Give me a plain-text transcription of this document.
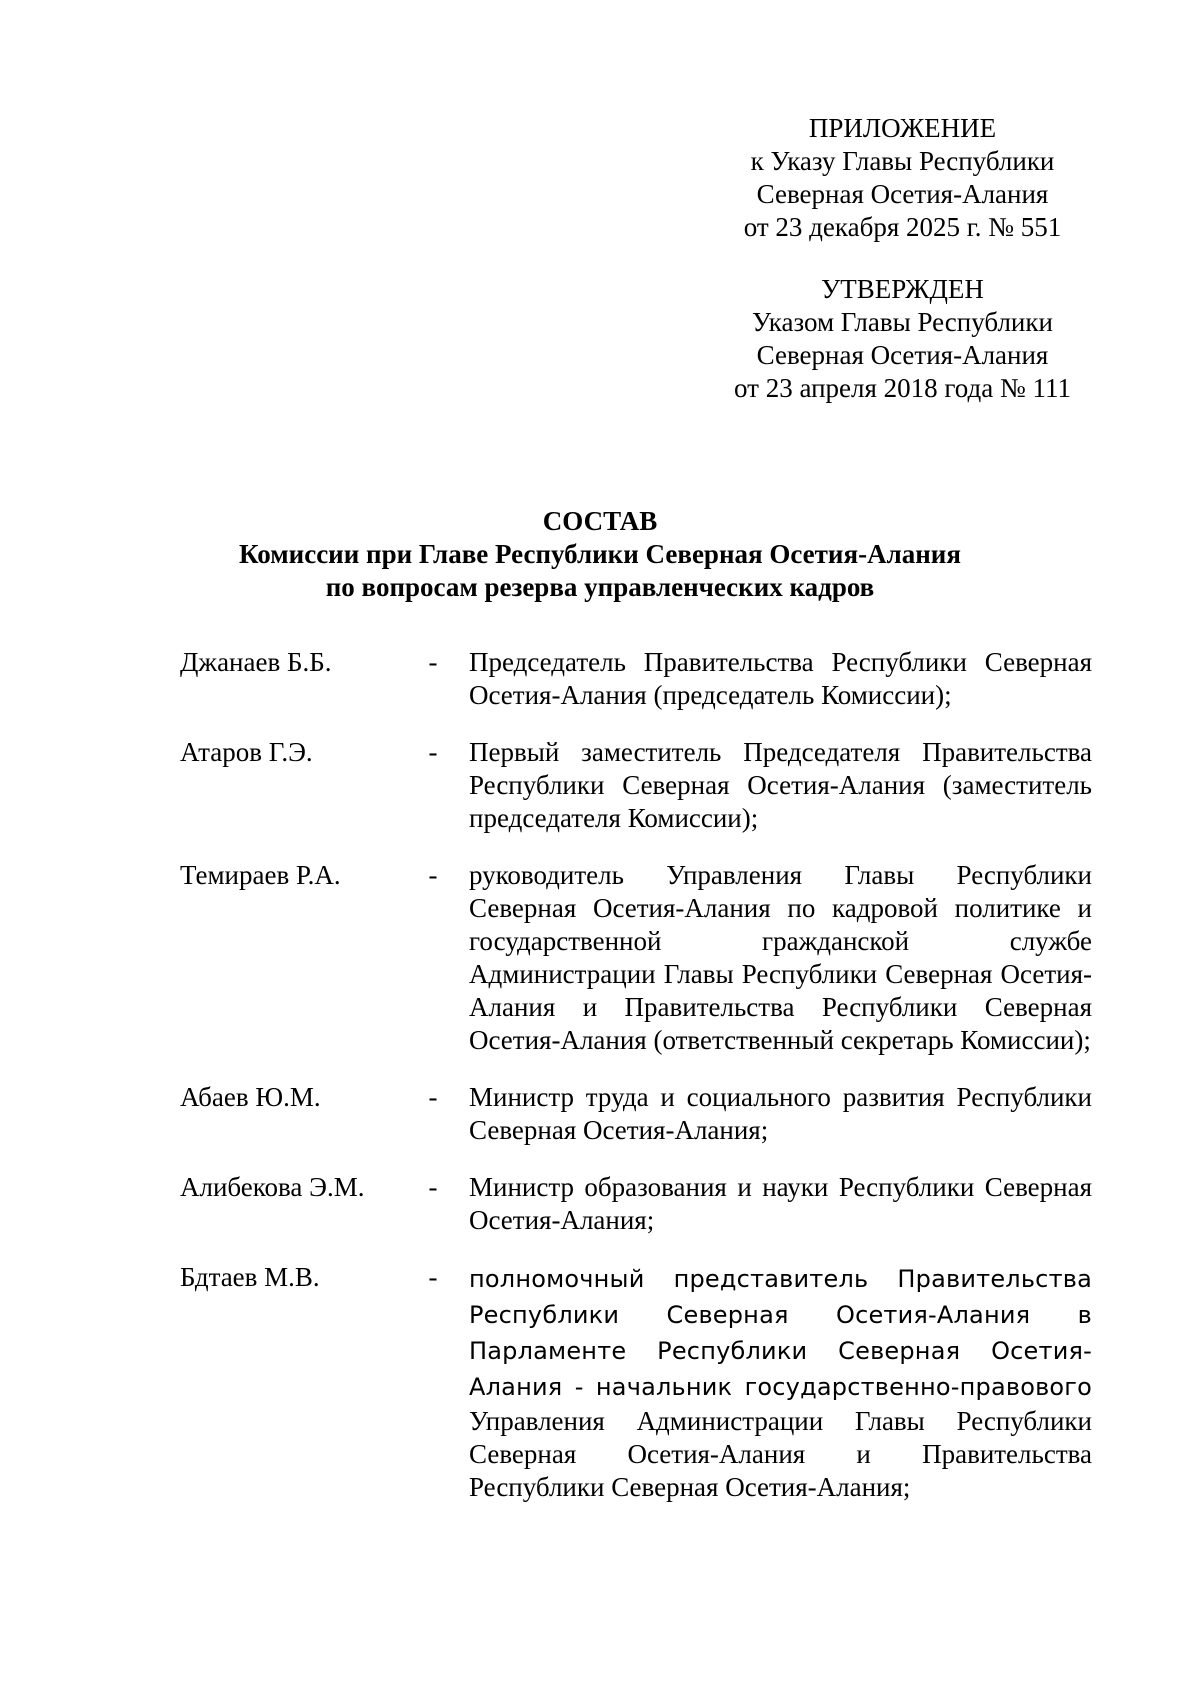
ПРИЛОЖЕНИЕ
к Указу Главы Республики
Северная Осетия-Алания
от 23 декабря 2025 г. № 551
УТВЕРЖДЕН
Указом Главы Республики
Северная Осетия-Алания
от 23 апреля 2018 года № 111
СОСТАВ
Комиссии при Главе Республики Северная Осетия-Алания
по вопросам резерва управленческих кадров
Джанаев Б.Б.	- Председатель Правительства Республики Северная Осетия-Алания (председатель Комиссии);
Атаров Г.Э.	- Первый заместитель Председателя Правительства Республики Северная Осетия-Алания (заместитель председателя Комиссии);
Темираев Р.А.	- руководитель Управления Главы Республики Северная Осетия-Алания по кадровой политике и государственной гражданской службе Администрации Главы Республики Северная Осетия-Алания и Правительства Республики Северная Осетия-Алания (ответственный секретарь Комиссии);
Абаев Ю.М.	- Министр труда и социального развития Республики Северная Осетия-Алания;
Алибекова Э.М.	- Министр образования и науки Республики Северная Осетия-Алания;
Бдтаев М.В.	- полномочный представитель Правительства Республики Северная Осетия-Алания в Парламенте Республики Северная Осетия-Алания - начальник государственно-правового Управления Администрации Главы Республики Северная Осетия-Алания и Правительства Республики Северная Осетия-Алания;
